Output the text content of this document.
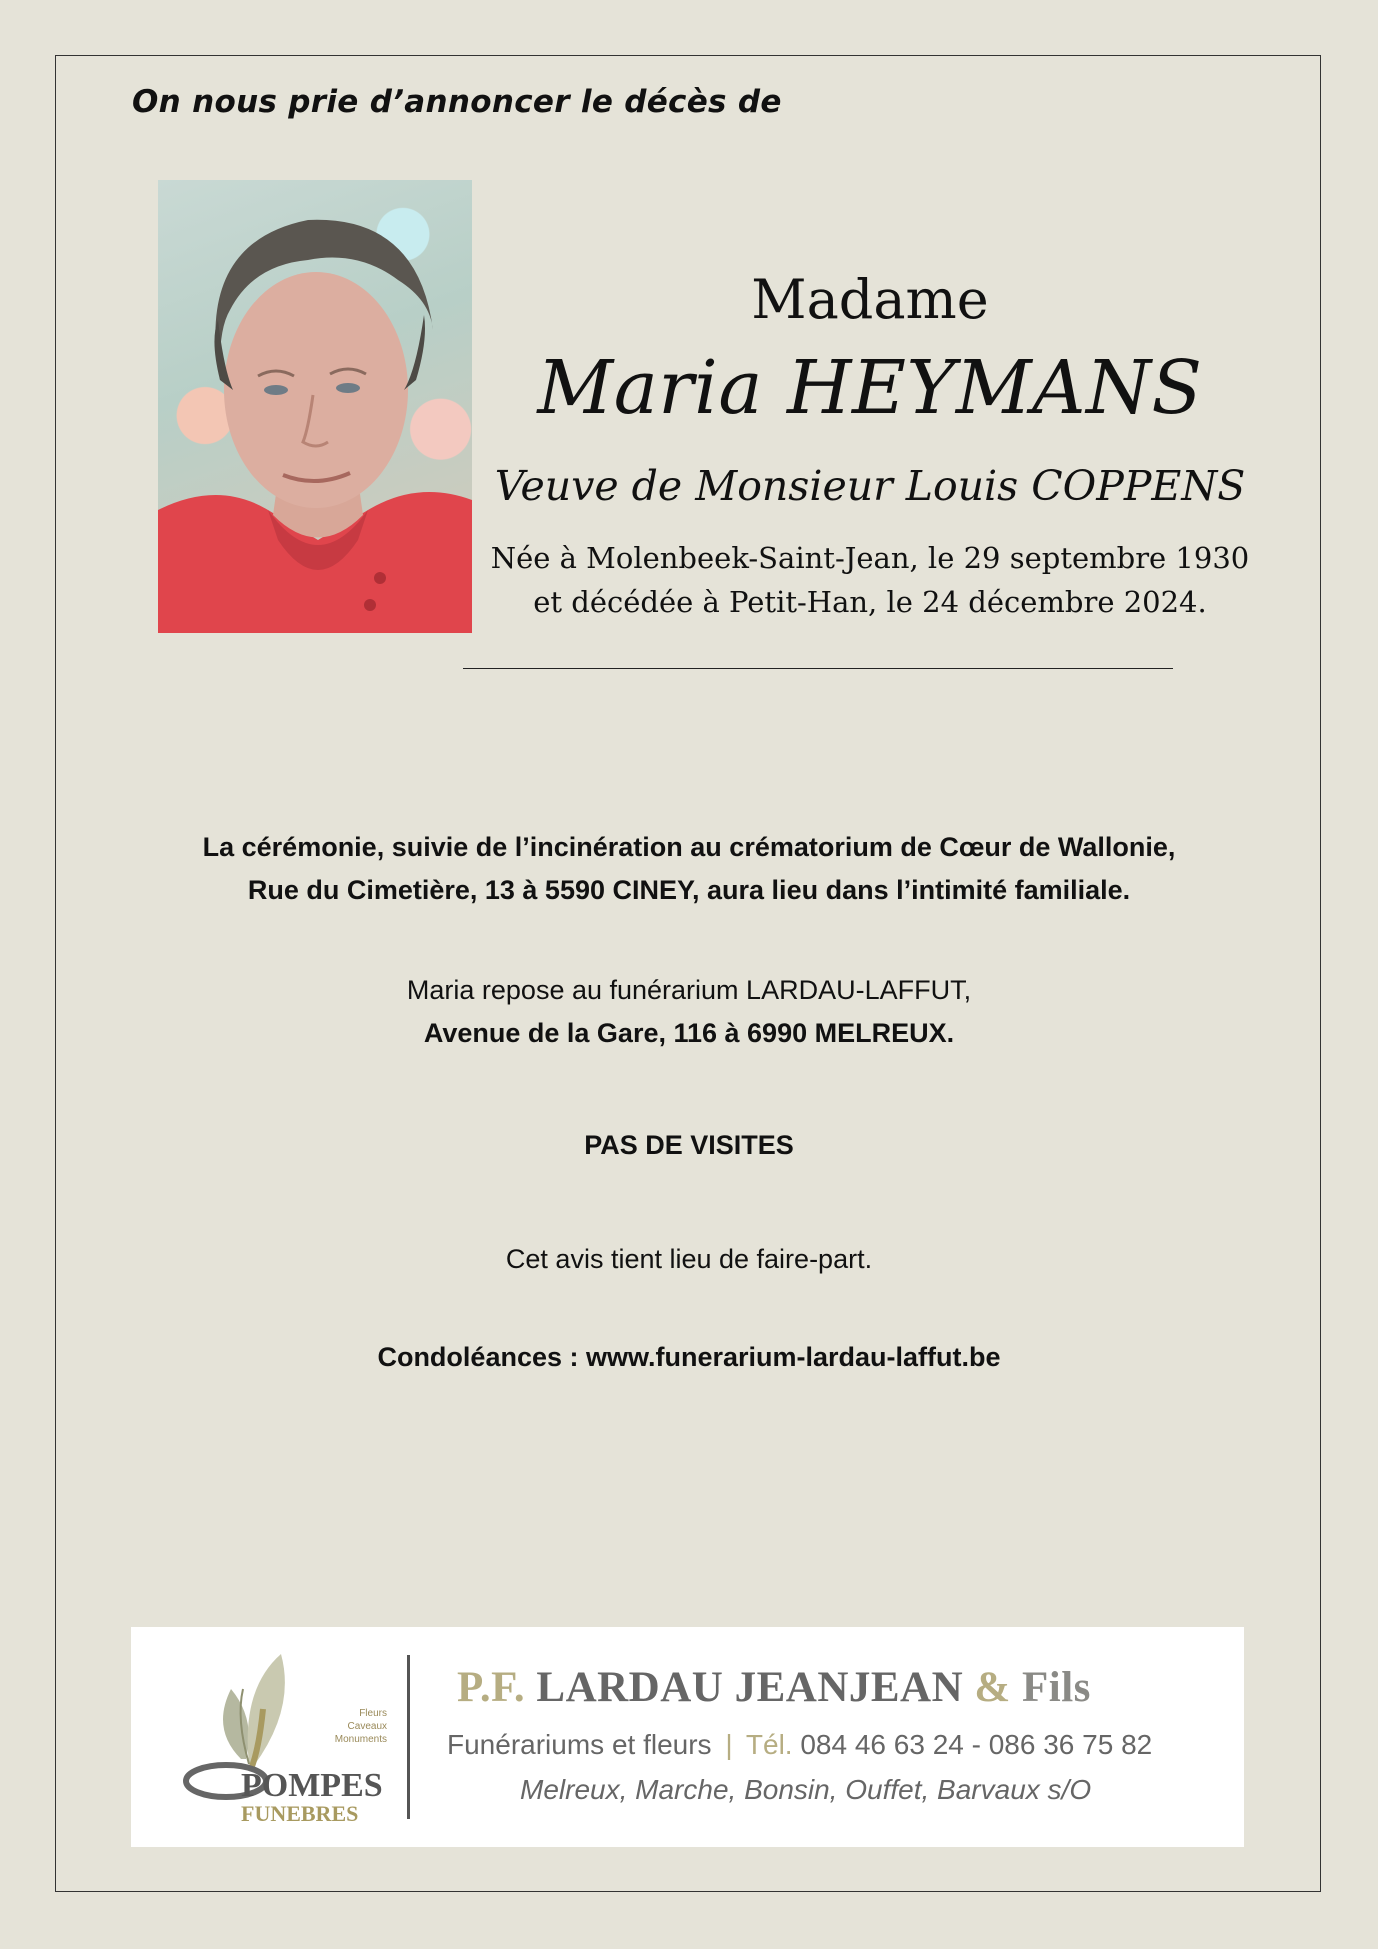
On nous prie d’annoncer le décès de
Madame
Maria HEYMANS
Veuve de Monsieur Louis COPPENS
Née à Molenbeek-Saint-Jean, le 29 septembre 1930
et décédée à Petit-Han, le 24 décembre 2024.
La cérémonie, suivie de l’incinération au crématorium de Cœur de Wallonie,
Rue du Cimetière, 13 à 5590 CINEY, aura lieu dans l’intimité familiale.
Maria repose au funérarium LARDAU-LAFFUT,
Avenue de la Gare, 116 à 6990 MELREUX.
PAS DE VISITES
Cet avis tient lieu de faire-part.
Condoléances : www.funerarium-lardau-laffut.be
POMPES
FUNEBRES
Fleurs
Caveaux
Monuments
P.F. LARDAU JEANJEAN & Fils
Funérariums et fleurs | Tél. 084 46 63 24 - 086 36 75 82
Melreux, Marche, Bonsin, Ouffet, Barvaux s/O
